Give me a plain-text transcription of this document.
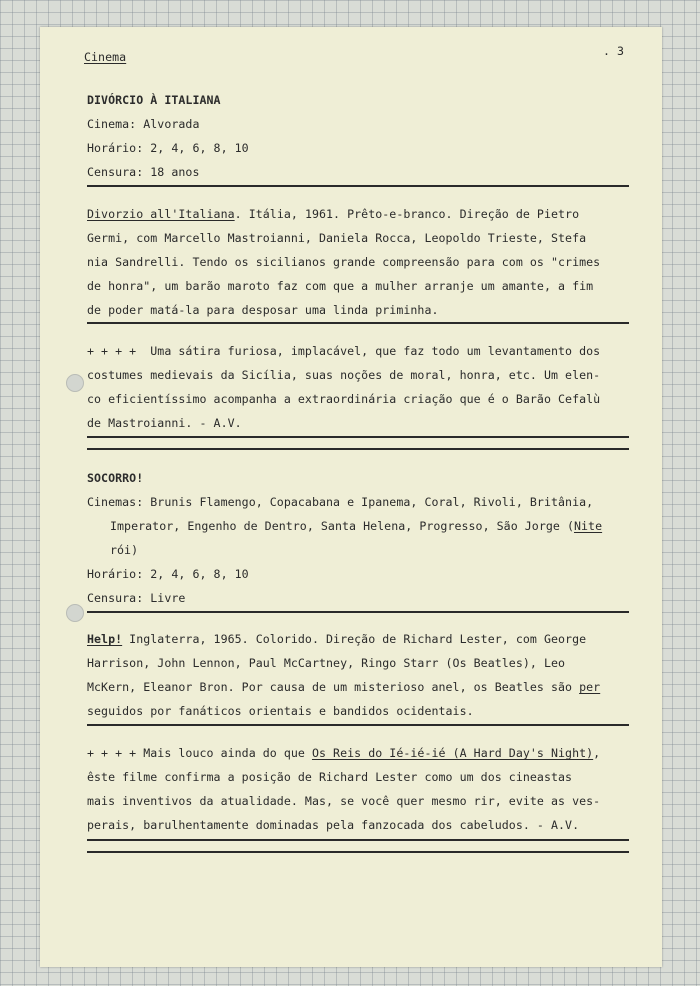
Cinema	. 3
DIVÓRCIO À ITALIANA
Cinema: Alvorada
Horário: 2, 4, 6, 8, 10
Censura: 18 anos
Divorzio all'Italiana. Itália, 1961. Prêto-e-branco. Direção de Pietro
Germi, com Marcello Mastroianni, Daniela Rocca, Leopoldo Trieste, Stefa
nia Sandrelli. Tendo os sicilianos grande compreensão para com os "crimes
de honra", um barão maroto faz com que a mulher arranje um amante, a fim
de poder matá-la para desposar uma linda priminha.
+ + + +  Uma sátira furiosa, implacável, que faz todo um levantamento dos
costumes medievais da Sicília, suas noções de moral, honra, etc. Um elen-
co eficientíssimo acompanha a extraordinária criação que é o Barão Cefalù
de Mastroianni. - A.V.
SOCORRO!
Cinemas: Brunis Flamengo, Copacabana e Ipanema, Coral, Rivoli, Britânia,
Imperator, Engenho de Dentro, Santa Helena, Progresso, São Jorge (Nite
rói)
Horário: 2, 4, 6, 8, 10
Censura: Livre
Help! Inglaterra, 1965. Colorido. Direção de Richard Lester, com George
Harrison, John Lennon, Paul McCartney, Ringo Starr (Os Beatles), Leo
McKern, Eleanor Bron. Por causa de um misterioso anel, os Beatles são per
seguidos por fanáticos orientais e bandidos ocidentais.
+ + + + Mais louco ainda do que Os Reis do Ié-ié-ié (A Hard Day's Night),
êste filme confirma a posição de Richard Lester como um dos cineastas
mais inventivos da atualidade. Mas, se você quer mesmo rir, evite as ves-
perais, barulhentamente dominadas pela fanzocada dos cabeludos. - A.V.
